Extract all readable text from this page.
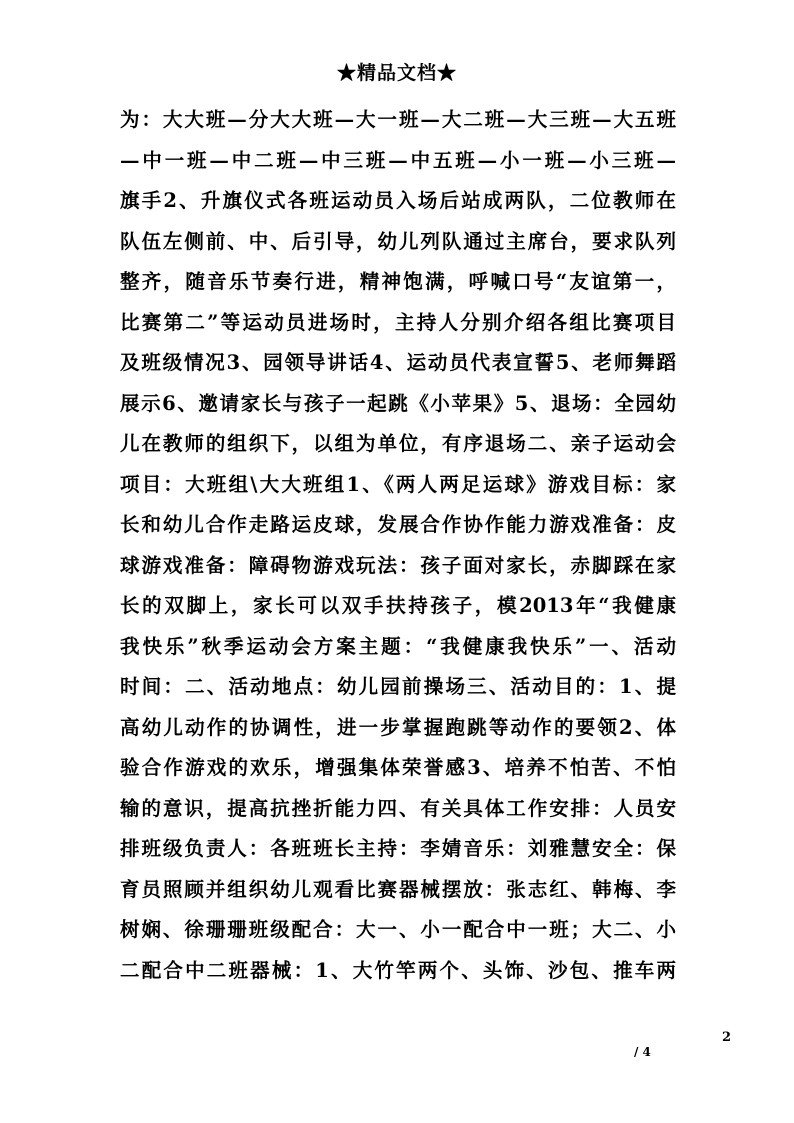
★精品文档★
为：大大班—分大大班—大一班—大二班—大三班—大五班
—中一班—中二班—中三班—中五班—小一班—小三班—
旗手2、升旗仪式各班运动员入场后站成两队，二位教师在
队伍左侧前、中、后引导，幼儿列队通过主席台，要求队列
整齐，随音乐节奏行进，精神饱满，呼喊口号“友谊第一，
比赛第二”等运动员进场时，主持人分别介绍各组比赛项目
及班级情况3、园领导讲话4、运动员代表宣誓5、老师舞蹈
展示6、邀请家长与孩子一起跳《小苹果》5、退场：全园幼
儿在教师的组织下，以组为单位，有序退场二、亲子运动会
项目：大班组\大大班组1、《两人两足运球》游戏目标：家
长和幼儿合作走路运皮球，发展合作协作能力游戏准备：皮
球游戏准备：障碍物游戏玩法：孩子面对家长，赤脚踩在家
长的双脚上，家长可以双手扶持孩子，模2013年“我健康
我快乐”秋季运动会方案主题：“我健康我快乐”一、活动
时间：二、活动地点：幼儿园前操场三、活动目的：1、提
高幼儿动作的协调性，进一步掌握跑跳等动作的要领2、体
验合作游戏的欢乐，增强集体荣誉感3、培养不怕苦、不怕
输的意识，提高抗挫折能力四、有关具体工作安排：人员安
排班级负责人：各班班长主持：李婧音乐：刘雅慧安全：保
育员照顾并组织幼儿观看比赛器械摆放：张志红、韩梅、李
树娴、徐珊珊班级配合：大一、小一配合中一班；大二、小
二配合中二班器械：1、大竹竿两个、头饰、沙包、推车两
2
/ 4
